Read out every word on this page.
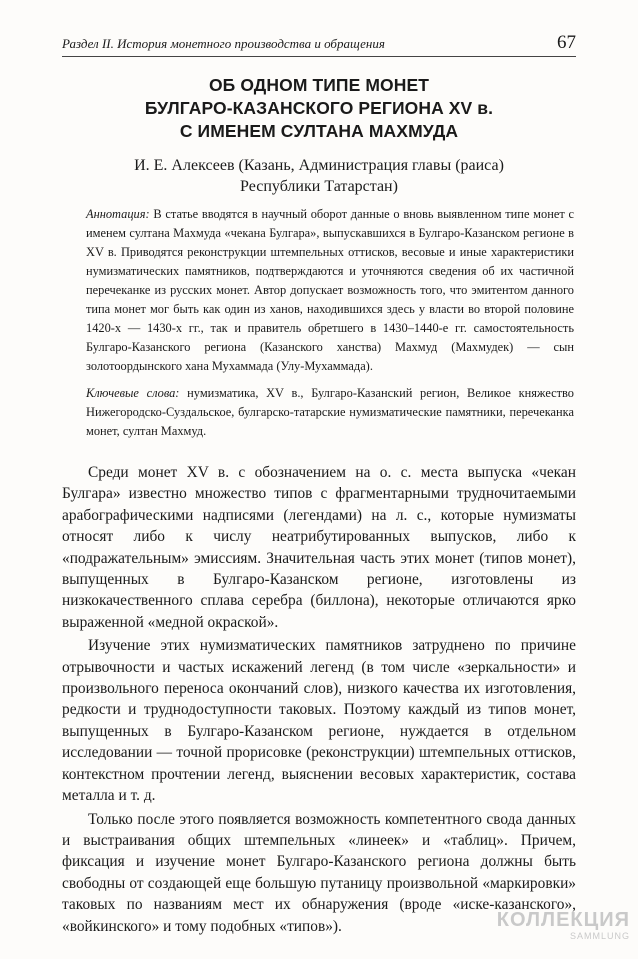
Раздел II. История монетного производства и обращения	67
ОБ ОДНОМ ТИПЕ МОНЕТ
БУЛГАРО-КАЗАНСКОГО РЕГИОНА XV в.
С ИМЕНЕМ СУЛТАНА МАХМУДА
И. Е. Алексеев (Казань, Администрация главы (раиса)
Республики Татарстан)

Аннотация: В статье вводятся в научный оборот данные о вновь выявленном типе монет с именем султана Махмуда «чекана Булгара», выпускавшихся в Булгаро-Казанском регионе в XV в. Приводятся реконструкции штемпельных оттисков, весовые и иные характеристики нумизматических памятников, подтверждаются и уточняются сведения об их частичной перечеканке из русских монет. Автор допускает возможность того, что эмитентом данного типа монет мог быть как один из ханов, находившихся здесь у власти во второй половине 1420-х — 1430-х гг., так и правитель обретшего в 1430–1440-е гг. самостоятельность Булгаро-Казанского региона (Казанского ханства) Махмуд (Махмудек) — сын золотоордынского хана Мухаммада (Улу-Мухаммада).

Ключевые слова: нумизматика, XV в., Булгаро-Казанский регион, Великое княжество Нижегородско-Суздальское, булгарско-татарские нумизматические памятники, перечеканка монет, султан Махмуд.

Среди монет XV в. с обозначением на о. с. места выпуска «чекан Булгара» известно множество типов с фрагментарными трудночитаемыми арабографическими надписями (легендами) на л. с., которые нумизматы относят либо к числу неатрибутированных выпусков, либо к «подражательным» эмиссиям. Значительная часть этих монет (типов монет), выпущенных в Булгаро-Казанском регионе, изготовлены из низкокачественного сплава серебра (биллона), некоторые отличаются ярко выраженной «медной окраской».

Изучение этих нумизматических памятников затруднено по причине отрывочности и частых искажений легенд (в том числе «зеркальности» и произвольного переноса окончаний слов), низкого качества их изготовления, редкости и труднодоступности таковых. Поэтому каждый из типов монет, выпущенных в Булгаро-Казанском регионе, нуждается в отдельном исследовании — точной прорисовке (реконструкции) штемпельных оттисков, контекстном прочтении легенд, выяснении весовых характеристик, состава металла и т. д.

Только после этого появляется возможность компетентного свода данных и выстраивания общих штемпельных «линеек» и «таблиц». Причем, фиксация и изучение монет Булгаро-Казанского региона должны быть свободны от создающей еще большую путаницу произвольной «маркировки» таковых по названиям мест их обнаружения (вроде «иске-казанского», «войкинского» и тому подобных «типов»).	КОЛЛЕКЦИЯ
SAMMLUNG
